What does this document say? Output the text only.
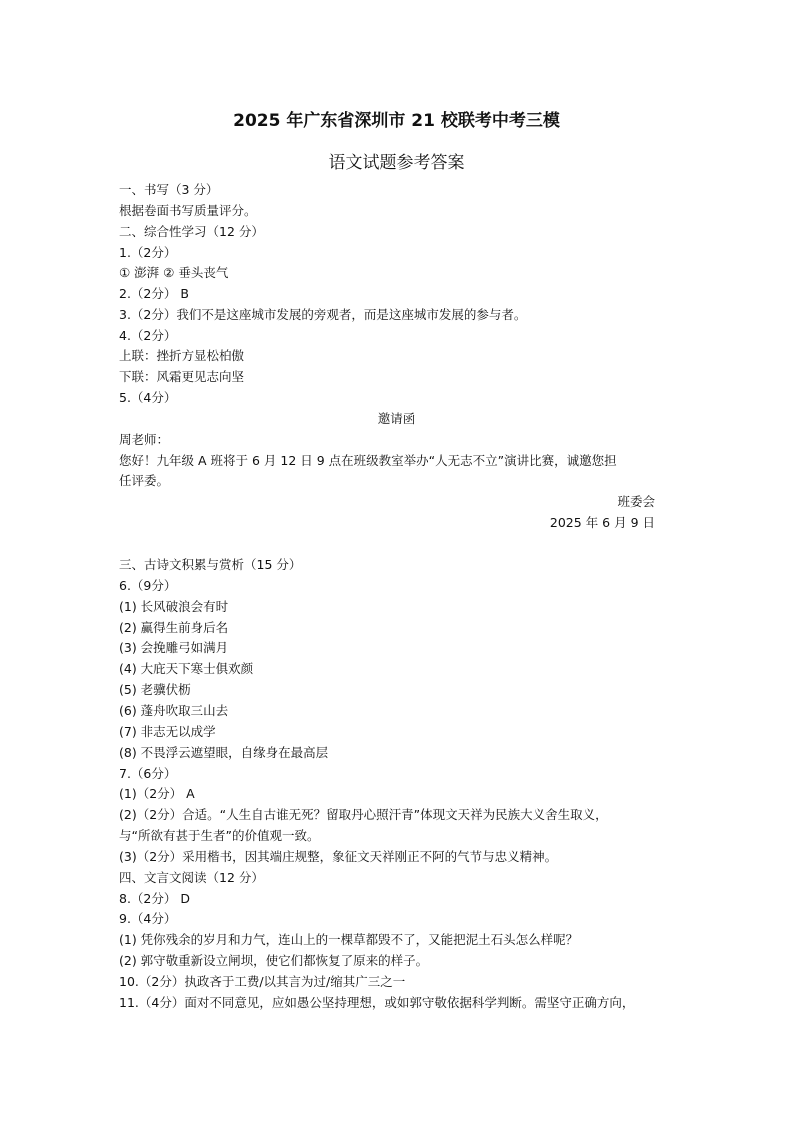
2025 年广东省深圳市 21 校联考中考三模
语文试题参考答案
一、书写（3 分）
根据卷面书写质量评分。
二、综合性学习（12 分）
1.（2分）
① 澎湃 ② 垂头丧气
2.（2分） B
3.（2分）我们不是这座城市发展的旁观者，而是这座城市发展的参与者。
4.（2分）
上联：挫折方显松柏傲
下联：风霜更见志向坚
5.（4分）
邀请函
周老师：
您好！九年级 A 班将于 6 月 12 日 9 点在班级教室举办“人无志不立”演讲比赛，诚邀您担
任评委。
班委会
2025 年 6 月 9 日
三、古诗文积累与赏析（15 分）
6.（9分）
(1) 长风破浪会有时
(2) 赢得生前身后名
(3) 会挽雕弓如满月
(4) 大庇天下寒士俱欢颜
(5) 老骥伏枥
(6) 蓬舟吹取三山去
(7) 非志无以成学
(8) 不畏浮云遮望眼，自缘身在最高层
7.（6分）
(1)（2分） A
(2)（2分）合适。“人生自古谁无死？留取丹心照汗青”体现文天祥为民族大义舍生取义，
与“所欲有甚于生者”的价值观一致。
(3)（2分）采用楷书，因其端庄规整，象征文天祥刚正不阿的气节与忠义精神。
四、文言文阅读（12 分）
8.（2分） D
9.（4分）
(1) 凭你残余的岁月和力气，连山上的一棵草都毁不了，又能把泥土石头怎么样呢？
(2) 郭守敬重新设立闸坝，使它们都恢复了原来的样子。
10.（2分）执政吝于工费/以其言为过/缩其广三之一
11.（4分）面对不同意见，应如愚公坚持理想，或如郭守敬依据科学判断。需坚守正确方向，
